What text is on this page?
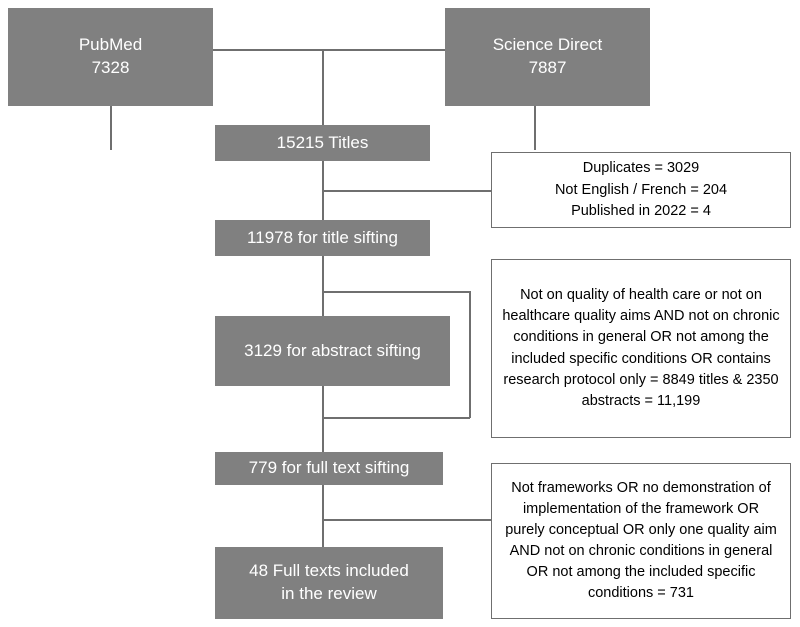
PubMed
7328
Science Direct
7887
15215 Titles
11978 for title sifting
3129 for abstract sifting
779 for full text sifting
48 Full texts included
in the review
Duplicates = 3029
Not English / French = 204
Published in 2022 = 4
Not on quality of health care or not on healthcare quality aims AND not on chronic conditions in general OR not among the included specific conditions OR contains research protocol only = 8849 titles & 2350 abstracts = 11,199
Not frameworks OR no demonstration of implementation of the framework OR purely conceptual OR only one quality aim AND not on chronic conditions in general OR not among the included specific conditions = 731
